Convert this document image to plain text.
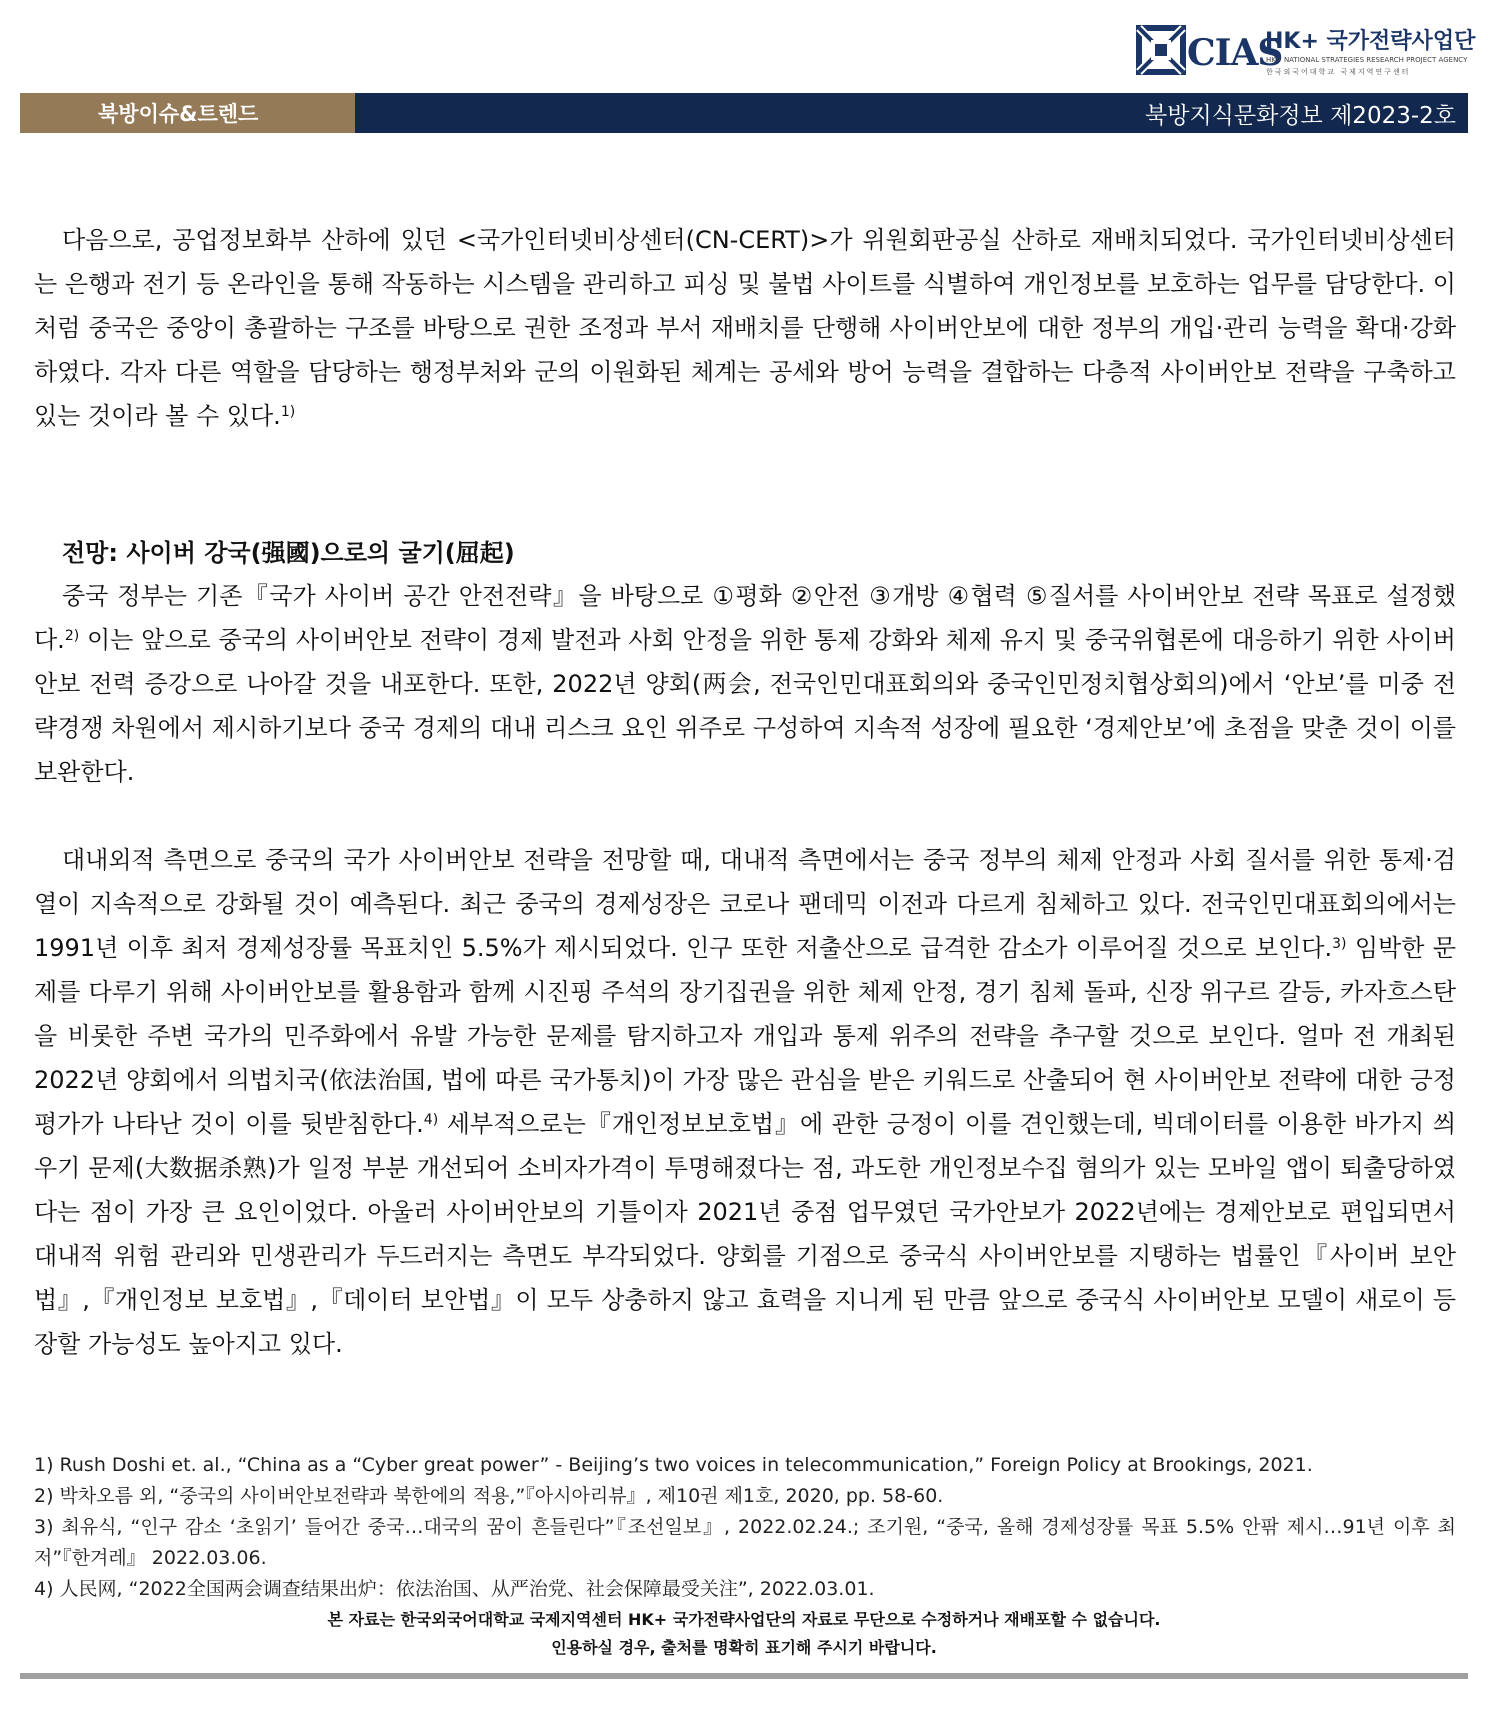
CIAS
HK+ 국가전략사업단
HK+ NATIONAL STRATEGIES RESEARCH PROJECT AGENCY
한국외국어대학교 국제지역연구센터
북방이슈&트렌드	북방지식문화정보 제2023-2호

다음으로, 공업정보화부 산하에 있던 <국가인터넷비상센터(CN-CERT)>가 위원회판공실 산하로 재배치되었다. 국가인터넷비상센터는 은행과 전기 등 온라인을 통해 작동하는 시스템을 관리하고 피싱 및 불법 사이트를 식별하여 개인정보를 보호하는 업무를 담당한다. 이처럼 중국은 중앙이 총괄하는 구조를 바탕으로 권한 조정과 부서 재배치를 단행해 사이버안보에 대한 정부의 개입·관리 능력을 확대·강화하였다. 각자 다른 역할을 담당하는 행정부처와 군의 이원화된 체계는 공세와 방어 능력을 결합하는 다층적 사이버안보 전략을 구축하고 있는 것이라 볼 수 있다.$^{1)}$

전망: 사이버 강국(强國)으로의 굴기(屈起)

중국 정부는 기존『국가 사이버 공간 안전전략』을 바탕으로 ①평화 ②안전 ③개방 ④협력 ⑤질서를 사이버안보 전략 목표로 설정했다.$^{2)}$ 이는 앞으로 중국의 사이버안보 전략이 경제 발전과 사회 안정을 위한 통제 강화와 체제 유지 및 중국위협론에 대응하기 위한 사이버안보 전력 증강으로 나아갈 것을 내포한다. 또한, 2022년 양회(两会, 전국인민대표회의와 중국인민정치협상회의)에서 ‘안보’를 미중 전략경쟁 차원에서 제시하기보다 중국 경제의 대내 리스크 요인 위주로 구성하여 지속적 성장에 필요한 ‘경제안보’에 초점을 맞춘 것이 이를 보완한다.

대내외적 측면으로 중국의 국가 사이버안보 전략을 전망할 때, 대내적 측면에서는 중국 정부의 체제 안정과 사회 질서를 위한 통제·검열이 지속적으로 강화될 것이 예측된다. 최근 중국의 경제성장은 코로나 팬데믹 이전과 다르게 침체하고 있다. 전국인민대표회의에서는 1991년 이후 최저 경제성장률 목표치인 5.5%가 제시되었다. 인구 또한 저출산으로 급격한 감소가 이루어질 것으로 보인다.$^{3)}$ 임박한 문제를 다루기 위해 사이버안보를 활용함과 함께 시진핑 주석의 장기집권을 위한 체제 안정, 경기 침체 돌파, 신장 위구르 갈등, 카자흐스탄을 비롯한 주변 국가의 민주화에서 유발 가능한 문제를 탐지하고자 개입과 통제 위주의 전략을 추구할 것으로 보인다. 얼마 전 개최된 2022년 양회에서 의법치국(依法治国, 법에 따른 국가통치)이 가장 많은 관심을 받은 키워드로 산출되어 현 사이버안보 전략에 대한 긍정 평가가 나타난 것이 이를 뒷받침한다.$^{4)}$ 세부적으로는『개인정보보호법』에 관한 긍정이 이를 견인했는데, 빅데이터를 이용한 바가지 씌우기 문제(大数据杀熟)가 일정 부분 개선되어 소비자가격이 투명해졌다는 점, 과도한 개인정보수집 혐의가 있는 모바일 앱이 퇴출당하였다는 점이 가장 큰 요인이었다. 아울러 사이버안보의 기틀이자 2021년 중점 업무였던 국가안보가 2022년에는 경제안보로 편입되면서 대내적 위험 관리와 민생관리가 두드러지는 측면도 부각되었다. 양회를 기점으로 중국식 사이버안보를 지탱하는 법률인『사이버 보안법』,『개인정보 보호법』,『데이터 보안법』이 모두 상충하지 않고 효력을 지니게 된 만큼 앞으로 중국식 사이버안보 모델이 새로이 등장할 가능성도 높아지고 있다.

1) Rush Doshi et. al., “China as a “Cyber great power” - Beijing’s two voices in telecommunication,” Foreign Policy at Brookings, 2021.

2) 박차오름 외, “중국의 사이버안보전략과 북한에의 적용,”『아시아리뷰』, 제10권 제1호, 2020, pp. 58-60.

3) 최유식, “인구 감소 ‘초읽기’ 들어간 중국…대국의 꿈이 흔들린다”『조선일보』, 2022.02.24.; 조기원, “중국, 올해 경제성장률 목표 5.5% 안팎 제시…91년 이후 최저”『한겨레』 2022.03.06.

4) 人民网, “2022全国两会调查结果出炉：依法治国、从严治党、社会保障最受关注”, 2022.03.01.

본 자료는 한국외국어대학교 국제지역센터 HK+ 국가전략사업단의 자료로 무단으로 수정하거나 재배포할 수 없습니다.
인용하실 경우, 출처를 명확히 표기해 주시기 바랍니다.
